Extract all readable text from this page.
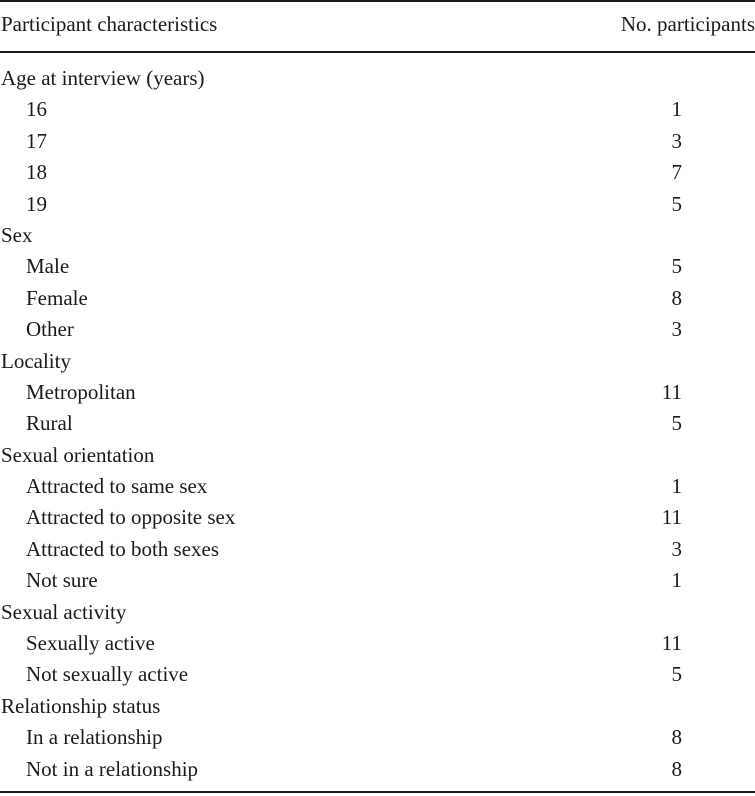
Participant characteristics	No. participants
Age at interview (years)
16	1
17	3
18	7
19	5
Sex
Male	5
Female	8
Other	3
Locality
Metropolitan	11
Rural	5
Sexual orientation
Attracted to same sex	1
Attracted to opposite sex	11
Attracted to both sexes	3
Not sure	1
Sexual activity
Sexually active	11
Not sexually active	5
Relationship status
In a relationship	8
Not in a relationship	8
